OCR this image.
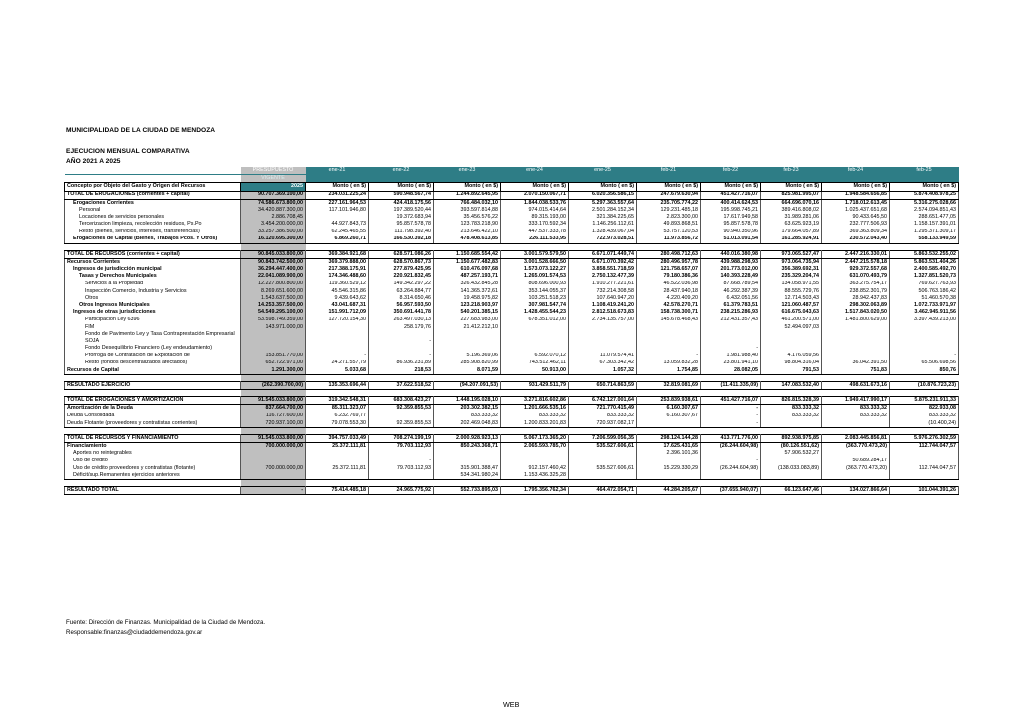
MUNICIPALIDAD DE LA CIUDAD DE MENDOZA
EJECUCION MENSUAL COMPARATIVA
AÑO 2021 A 2025
	PRESUPUESTO	ene-21	ene-22	ene-23	ene-24	ene-25	feb-21	feb-22	feb-23	feb-24	feb-25
	VIGENTE										
Concepto por Objeto del Gasto y Origen del Recursos	2025	Monto ( en $)	Monto ( en $)	Monto ( en $)	Monto ( en $)	Monto ( en $)	Monto ( en $)	Monto ( en $)	Monto ( en $)	Monto ( en $)	Monto ( en $)
TOTAL DE EROGACIONES (corrientes + capital)	90.707.369.100,00	234.031.225,24	590.948.567,74	1.244.892.645,95	2.070.150.067,71	6.020.356.586,15	247.679.630,94	451.427.716,07	825.981.995,07	1.948.584.656,85	5.874.408.978,25
Erogaciones Corrientes	74.586.673.800,00	227.161.964,53	424.418.175,56	766.484.032,10	1.844.038.533,76	5.297.363.557,64	235.705.774,22	400.414.624,53	664.696.070,16	1.718.012.613,45	5.316.275.028,66
Personal	34.420.887.300,00	117.101.946,80	197.389.520,44	393.597.814,88	974.015.414,64	2.501.284.152,34	129.231.485,18	195.998.745,21	389.416.808,02	1.025.437.651,68	2.574.094.851,43
Locaciones de servicios personales	2.886.708,45		19.372.683,94	35.456.576,22	89.315.193,00	321.384.225,65	2.823.300,00	17.617.949,58	31.989.281,06	90.433.645,50	288.651.477,05
Tercerizacion limpieza, recolección residuos, Ps.Po	3.454.200.000,00	44.927.843,73	95.857.578,78	123.783.218,90	333.170.592,34	1.146.256.112,61	49.893.868,51	95.857.578,78	63.625.923,19	232.777.506,93	1.158.157.391,01
Resto (bienes, servicios, intereses, transferencias)	33.257.386.500,00	62.245.465,55	111.798.392,40	213.646.422,10	447.537.333,78	1.328.439.067,04	53.757.120,53	90.940.350,96	179.664.057,89	369.363.809,34	1.295.371.309,17
Erogaciones de Capital (Bienes, Trabajos Pcos. Y Otros)	16.120.695.300,00	6.869.260,71	166.530.392,18	478.408.613,85	226.111.533,95	722.973.028,51	11.973.856,72	51.013.091,54	161.285.924,91	230.572.043,40	558.133.949,59

TOTAL DE RECURSOS (corrientes + capital)	90.845.033.800,00	369.384.921,68	628.571.086,26	1.150.685.554,42	3.001.579.579,50	6.671.071.449,74	280.498.712,63	440.016.380,98	973.065.527,47	2.447.216.330,01	5.863.532.255,02
Recursos Corrientes	90.843.742.500,00	369.379.888,00	628.570.867,73	1.150.677.482,83	3.001.528.666,50	6.671.070.392,42	280.496.957,78	439.988.298,93	973.064.735,94	2.447.215.578,18	5.863.531.404,26
Ingresos de jurisdicción municipal	36.294.447.400,00	217.388.175,91	277.879.425,95	610.476.097,68	1.573.073.122,27	3.858.551.718,59	121.758.657,07	201.773.012,00	356.389.692,31	929.372.557,68	2.400.585.492,70
Tasas y Derechos Municipales	22.041.089.900,00	174.346.488,60	220.921.832,45	487.257.193,71	1.265.091.574,53	2.750.132.477,39	79.180.386,36	140.393.228,49	235.329.204,74	631.070.493,79	1.327.851.520,73
Servicios a la Propiedad	12.227.800.800,00	119.360.529,12	149.342.297,22	326.432.845,28	808.696.000,93	1.910.277.221,61	46.522.036,98	87.668.789,54	134.058.971,55	363.275.754,17	769.627.763,93
Inspección Comercio, Industria y Servicios	8.269.651.600,00	45.546.315,86	63.264.884,77	141.365.372,61	353.144.055,37	732.214.308,58	28.437.940,18	46.292.387,39	88.555.729,76	238.852.301,79	506.763.186,42
Otros	1.543.637.500,00	9.439.643,62	8.314.650,46	19.458.975,82	103.251.518,23	107.640.947,20	4.220.409,20	6.432.051,56	12.714.503,43	28.942.437,83	51.460.570,38
Otros Ingresos Municipales	14.253.357.500,00	43.041.687,31	56.957.593,50	123.218.903,97	307.981.547,74	1.108.419.241,20	42.578.270,71	61.379.783,51	121.060.487,57	298.302.063,89	1.072.733.971,97
Ingresos de otras jurisdicciones	54.549.295.100,00	151.991.712,09	350.691.441,78	540.201.385,15	1.428.455.544,23	2.812.518.673,83	158.738.300,71	238.215.286,93	616.675.043,63	1.517.843.020,50	3.462.945.911,56
Participación Ley 6396	53.598.749.359,00	127.720.154,30	263.497.030,13	227.683.983,00	678.351.012,00	2.734.135.757,00	145.678.468,43	212.431.357,43	461.200.571,00	1.481.800.629,00	3.397.439.213,00
FIM	143.971.000,00		258.179,76	21.412.212,10					52.494.097,03		
Fondo de Pavimento Ley y Tasa Contraprestación Empresarial											
SOJA			-								
Fondo Desequilibrio Financiero (Ley endeudamiento)								-			
Prorroga de Contratacion de Explotacion de	153.851.770,00	-	-	5.196.369,06	6.592.070,12	11.079.574,41	-	1.981.988,40	4.176.059,56		-
Resto (fondos descentralizados afectados)	652.722.971,00	24.271.557,79	86.936.231,89	285.908.820,99	743.512.462,11	67.303.342,42	13.059.832,28	23.801.941,10	98.804.316,04	36.042.391,50	65.506.698,56
Recursos de Capital	1.291.300,00	5.033,68	218,53	8.071,59	50.913,00	1.057,32	1.754,85	28.082,05	791,53	751,83	850,76

RESULTADO EJERCICIO	(262.390.700,00)	135.353.696,44	37.622.518,52	(94.207.091,53)	931.429.511,79	650.714.863,59	32.819.081,69	(11.411.335,09)	147.083.532,40	498.631.673,16	(10.876.723,23)

TOTAL DE EROGACIONES Y AMORTIZACION	91.545.033.800,00	319.342.548,31	683.308.423,27	1.448.195.028,10	3.271.816.602,86	6.742.127.001,64	253.839.938,61	451.427.716,07	826.815.328,39	1.949.417.990,17	5.875.231.911,33
Amortización de la Deuda	837.664.700,00	85.311.323,07	92.359.855,53	203.302.382,15	1.201.666.535,16	721.770.415,49	6.160.307,67	-	833.333,32	833.333,32	822.933,08
Deuda Consolidada	116.727.600,00	6.232.769,77		833.333,32	833.333,32	833.333,32	6.160.307,67	-	833.333,32	833.333,32	833.333,32
Deuda Flotante (proveedores y contratistas corrientes)	720.937.100,00	79.078.553,30	92.359.855,53	202.469.048,83	1.200.833.201,83	720.937.082,17		-			(10.400,24)

TOTAL DE RECURSOS Y FINANCIAMIENTO	91.545.033.800,00	394.757.033,49	708.274.199,19	2.000.928.923,13	5.067.173.365,20	7.206.599.056,35	298.124.144,28	413.771.776,00	892.938.975,85	2.083.445.856,81	5.976.276.302,59
Financiamiento	700.000.000,00	25.372.111,81	79.703.112,93	850.243.368,71	2.065.593.785,70	535.527.606,61	17.625.431,65	(26.244.604,98)	(80.126.551,62)	(363.770.473,20)	112.744.047,57
Aportes no reintegrables							2.396.101,36		57.906.532,27		
Uso de crédito			-					-		50.689.284,17	
Uso de crédito proveedores y contratistas (flotante)	700.000.000,00	25.372.111,81	79.703.112,93	315.901.388,47	912.157.460,42	535.527.606,61	15.229.330,29	(26.244.604,98)	(138.033.083,89)	(363.770.473,20)	112.744.047,57
Déficit/sup.Remanentes ejercicios anteriores				534.341.980,24	1.153.436.325,28						

RESULTADO TOTAL	-	75.414.485,18	24.965.775,92	552.733.895,03	1.795.356.762,34	464.472.054,71	44.284.205,67	(37.655.940,07)	66.123.647,46	134.027.866,64	101.044.391,26
Fuente: Dirección de Finanzas. Municipalidad de la Ciudad de Mendoza.
Responsable:finanzas@ciudaddemendoza.gov.ar
WEB
